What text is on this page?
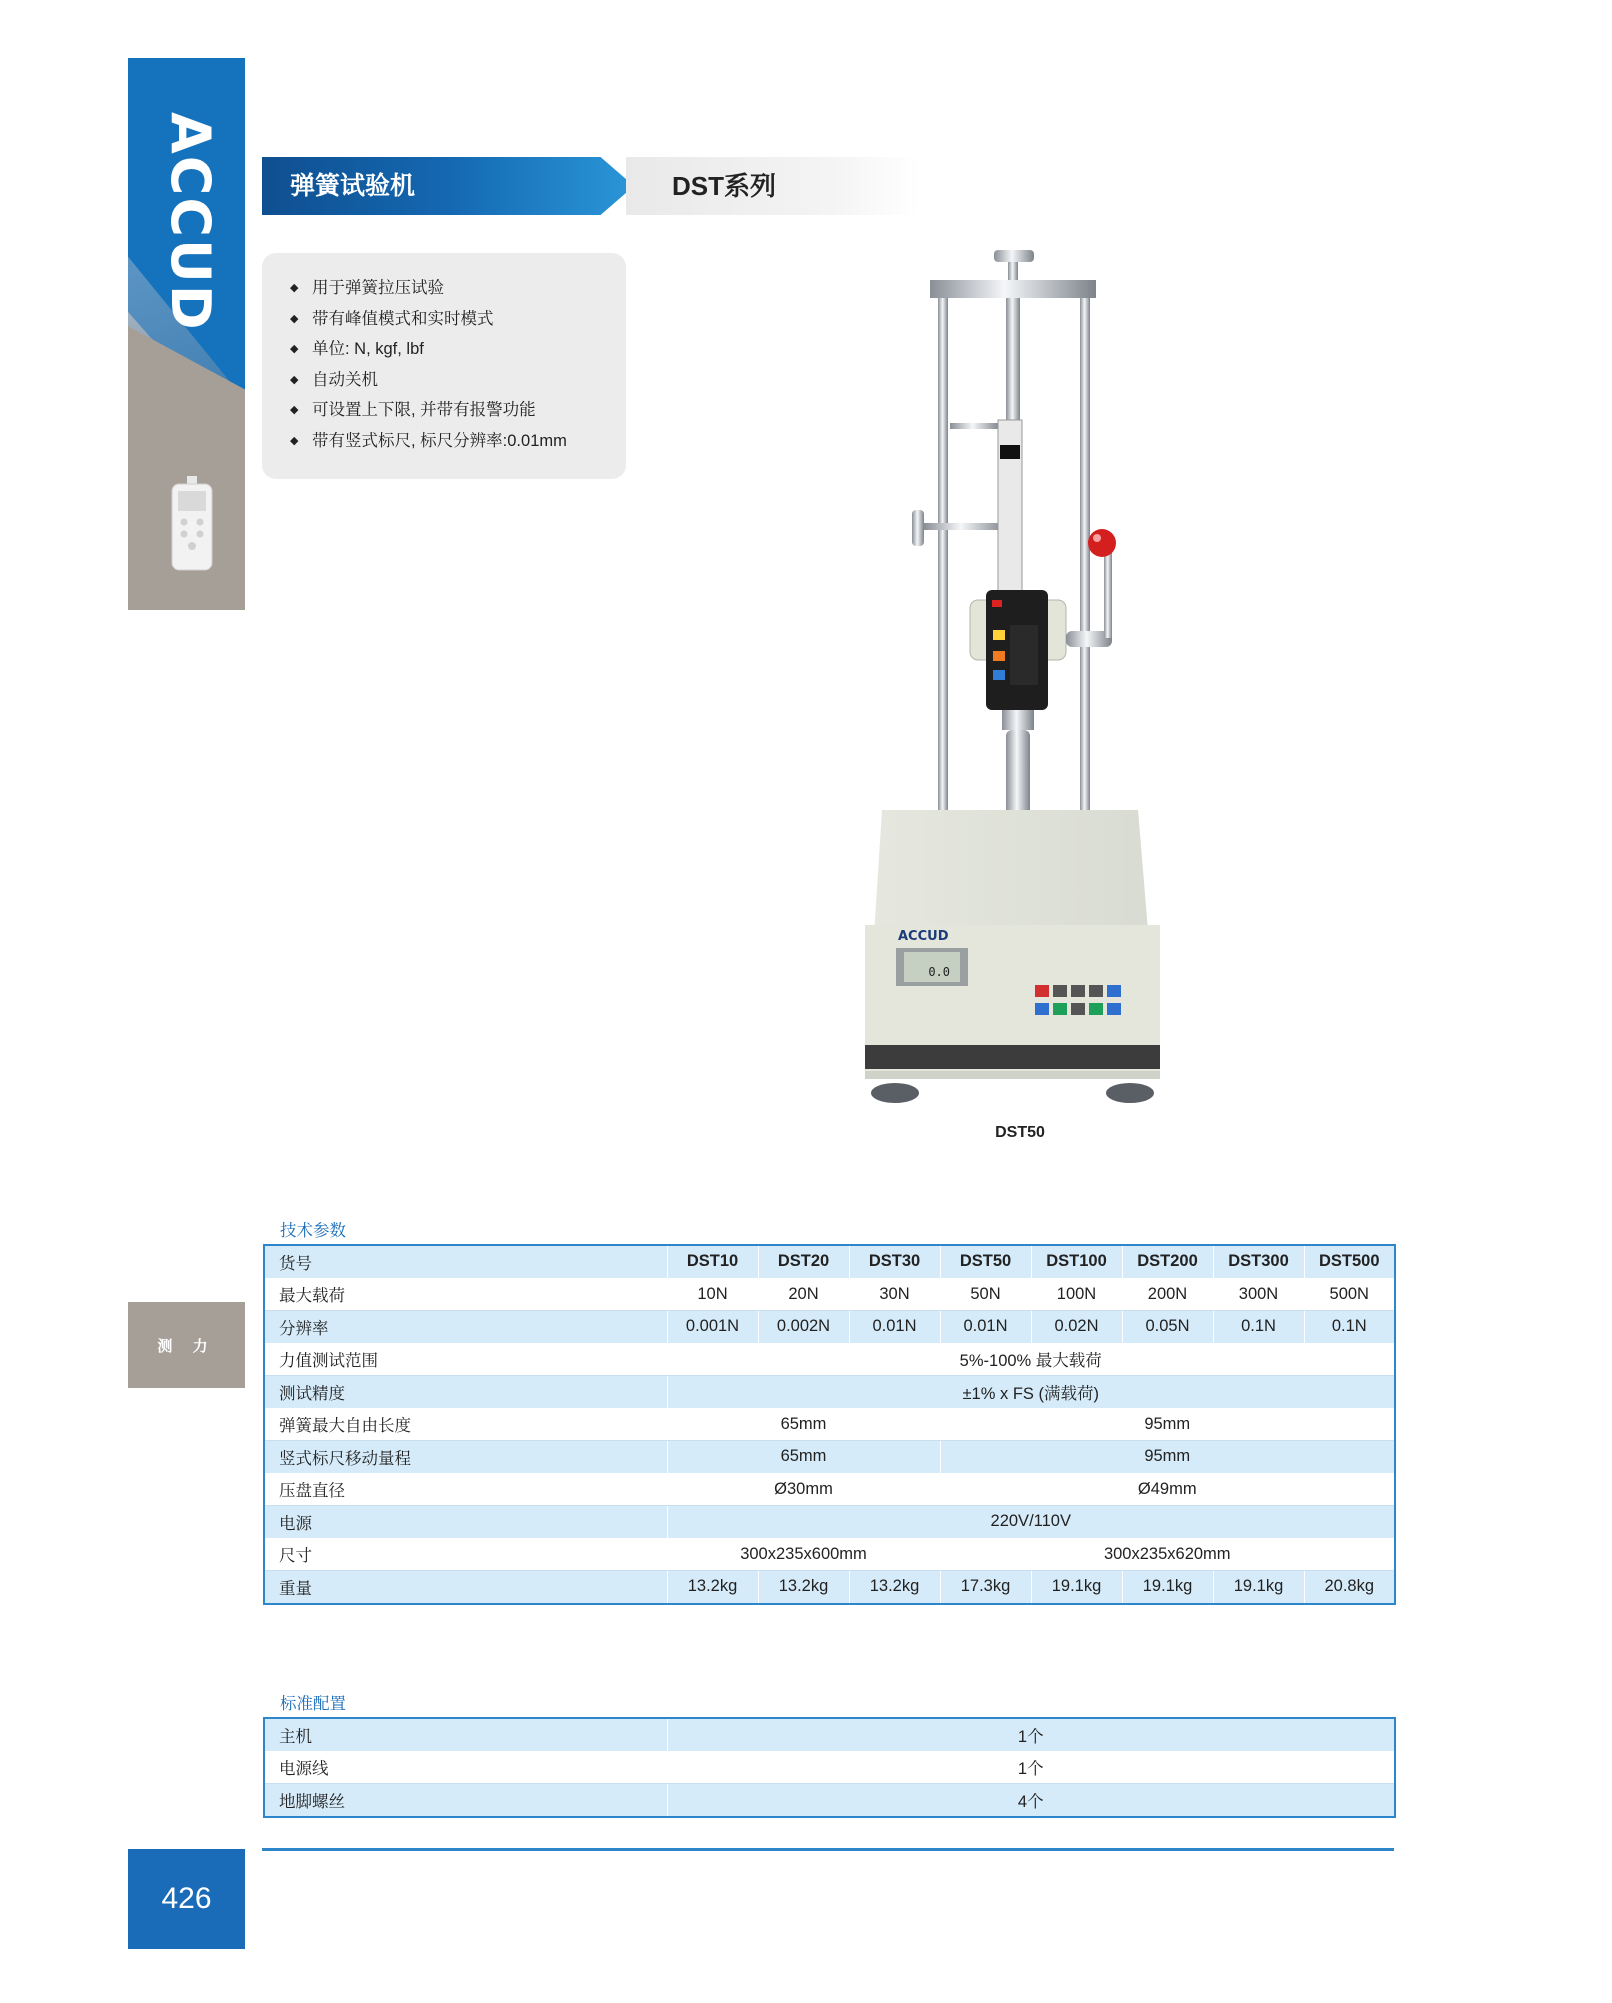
ACCUD
测 力
426
弹簧试验机	DST系列
◆ 用于弹簧拉压试验
◆ 带有峰值模式和实时模式
◆ 单位: N, kgf, lbf
◆ 自动关机
◆ 可设置上下限, 并带有报警功能
◆ 带有竖式标尺, 标尺分辨率:0.01mm
ACCUD
0.0
DST50
技术参数
货号	DST10	DST20	DST30	DST50	DST100	DST200	DST300	DST500
最大载荷	10N	20N	30N	50N	100N	200N	300N	500N
分辨率	0.001N	0.002N	0.01N	0.01N	0.02N	0.05N	0.1N	0.1N
力值测试范围	5%-100% 最大载荷							
测试精度	±1% x FS (满载荷)							
弹簧最大自由长度	65mm			95mm				
竖式标尺移动量程	65mm			95mm				
压盘直径	Ø30mm			Ø49mm				
电源	220V/110V							
尺寸	300x235x600mm			300x235x620mm				
重量	13.2kg	13.2kg	13.2kg	17.3kg	19.1kg	19.1kg	19.1kg	20.8kg
标准配置
主机	1个
电源线	1个
地脚螺丝	4个
